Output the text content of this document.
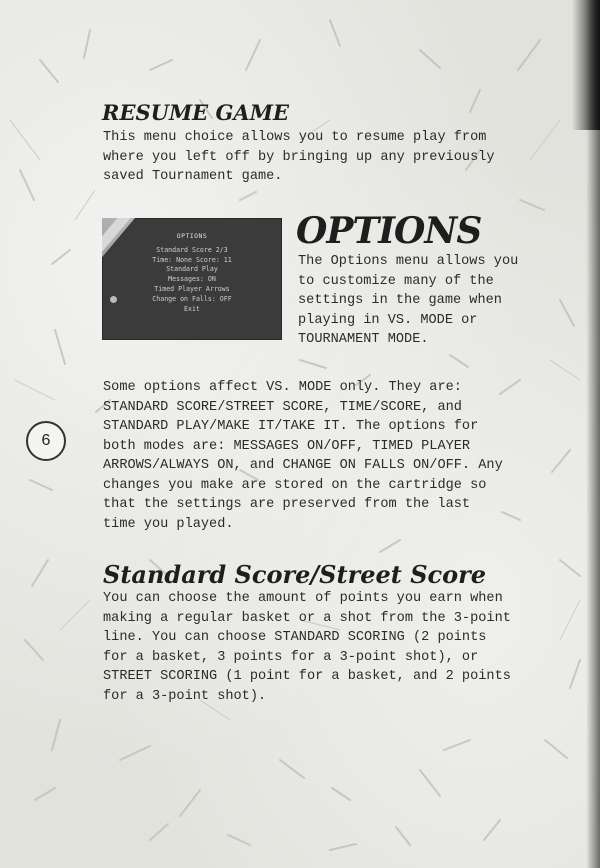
RESUME GAME
This menu choice allows you to resume play from
where you left off by bringing up any previously
saved Tournament game.
OPTIONS
Standard Score 2/3
Time: None Score: 11
Standard Play
Messages: ON
Timed Player Arrows
Change on Falls: OFF
Exit
OPTIONS
The Options menu allows you
to customize many of the
settings in the game when
playing in VS. MODE or
TOURNAMENT MODE.
Some options affect VS. MODE only. They are:
STANDARD SCORE/STREET SCORE, TIME/SCORE, and
STANDARD PLAY/MAKE IT/TAKE IT. The options for
both modes are: MESSAGES ON/OFF, TIMED PLAYER
ARROWS/ALWAYS ON, and CHANGE ON FALLS ON/OFF. Any
changes you make are stored on the cartridge so
that the settings are preserved from the last
time you played.
6
Standard Score/Street Score
You can choose the amount of points you earn when
making a regular basket or a shot from the 3-point
line. You can choose STANDARD SCORING (2 points
for a basket, 3 points for a 3-point shot), or
STREET SCORING (1 point for a basket, and 2 points
for a 3-point shot).
